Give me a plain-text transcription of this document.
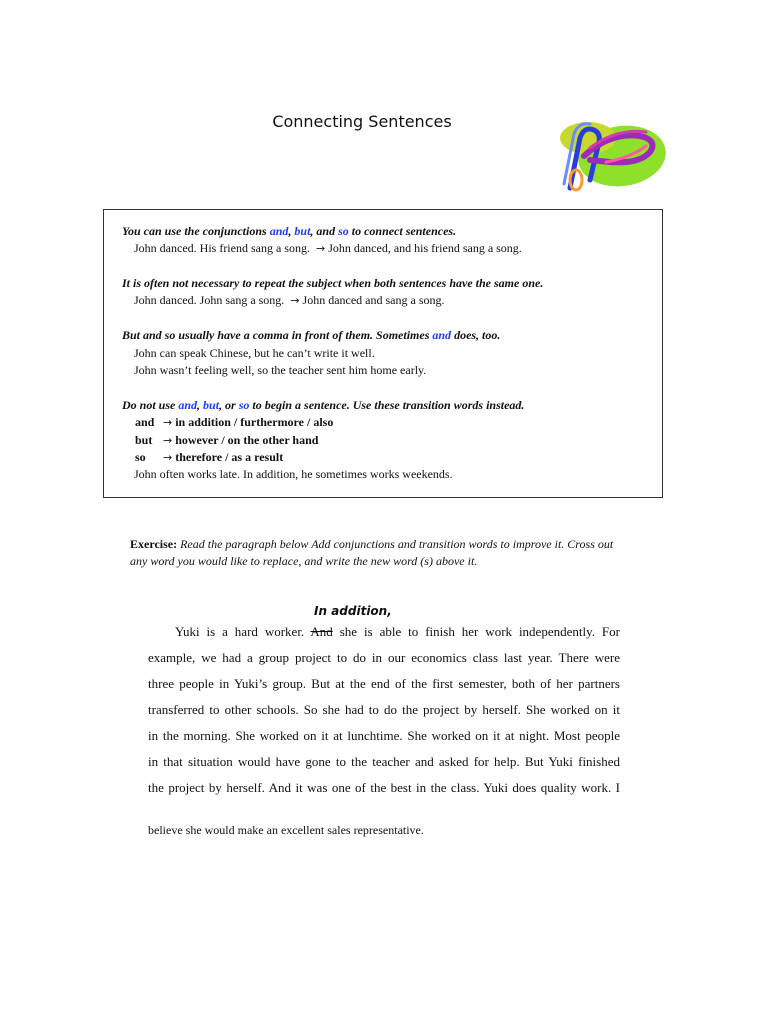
Connecting Sentences
You can use the conjunctions and, but, and so to connect sentences.
John danced. His friend sang a song. → John danced, and his friend sang a song.
It is often not necessary to repeat the subject when both sentences have the same one.
John danced. John sang a song. → John danced and sang a song.
But and so usually have a comma in front of them. Sometimes and does, too.
John can speak Chinese, but he can’t write it well.
John wasn’t feeling well, so the teacher sent him home early.
Do not use and, but, or so to begin a sentence. Use these transition words instead.
and → in addition / furthermore / also
but → however / on the other hand
so → therefore / as a result
John often works late. In addition, he sometimes works weekends.
Exercise: Read the paragraph below Add conjunctions and transition words to improve it. Cross out any word you would like to replace, and write the new word (s) above it.
In addition,
Yuki is a hard worker. And she is able to finish her work independently. For
example, we had a group project to do in our economics class last year. There were
three people in Yuki’s group. But at the end of the first semester, both of her partners
transferred to other schools. So she had to do the project by herself. She worked on it
in the morning. She worked on it at lunchtime. She worked on it at night. Most people
in that situation would have gone to the teacher and asked for help. But Yuki finished
the project by herself. And it was one of the best in the class. Yuki does quality work. I
believe she would make an excellent sales representative.
